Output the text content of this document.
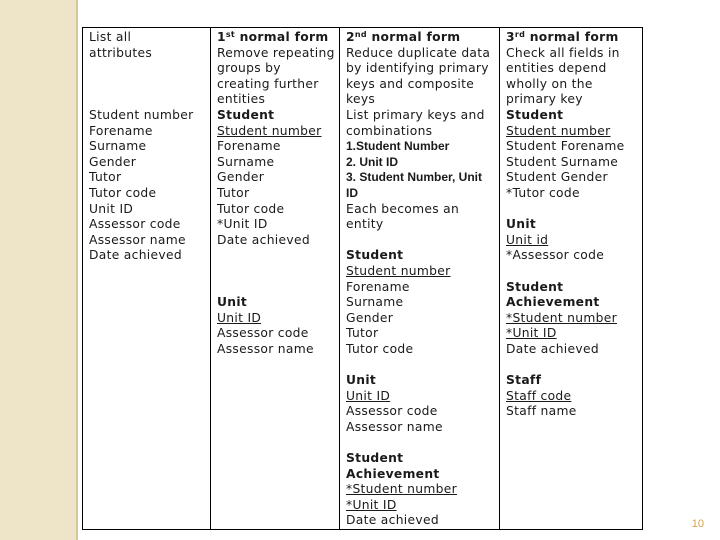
List all
attributes
Student number
Forename
Surname
Gender
Tutor
Tutor code
Unit ID
Assessor code
Assessor name
Date achieved

1st normal form
Remove repeating
groups by
creating further
entities
Student
Student number
Forename
Surname
Gender
Tutor
Tutor code
*Unit ID
Date achieved
Unit
Unit ID
Assessor code
Assessor name

2nd normal form
Reduce duplicate data
by identifying primary
keys and composite
keys
List primary keys and
combinations
1.Student Number
2. Unit ID
3. Student Number, Unit
ID
Each becomes an
entity
Student
Student number
Forename
Surname
Gender
Tutor
Tutor code
Unit
Unit ID
Assessor code
Assessor name
Student
Achievement
*Student number
*Unit ID
Date achieved

3rd normal form
Check all fields in
entities depend
wholly on the
primary key
Student
Student number
Student Forename
Student Surname
Student Gender
*Tutor code
Unit
Unit id
*Assessor code
Student
Achievement
*Student number
*Unit ID
Date achieved
Staff
Staff code
Staff name
10
